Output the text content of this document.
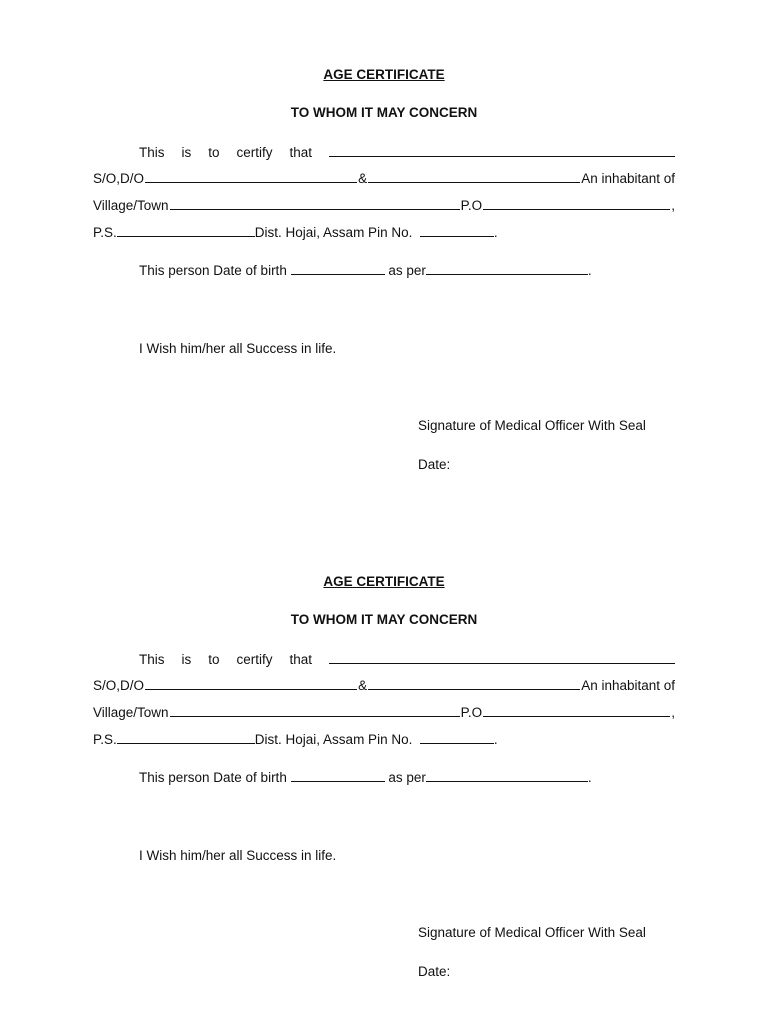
AGE CERTIFICATE
TO WHOM IT MAY CONCERN
This is to certify that
S/O,D/O	&	An inhabitant of
Village/Town	P.O	,
P.S.	Dist. Hojai, Assam Pin No.	.
This person Date of birth	as per	.
I Wish him/her all Success in life.
Signature of Medical Officer With Seal
Date:
AGE CERTIFICATE
TO WHOM IT MAY CONCERN
This is to certify that
S/O,D/O	&	An inhabitant of
Village/Town	P.O	,
P.S.	Dist. Hojai, Assam Pin No.	.
This person Date of birth	as per	.
I Wish him/her all Success in life.
Signature of Medical Officer With Seal
Date:
